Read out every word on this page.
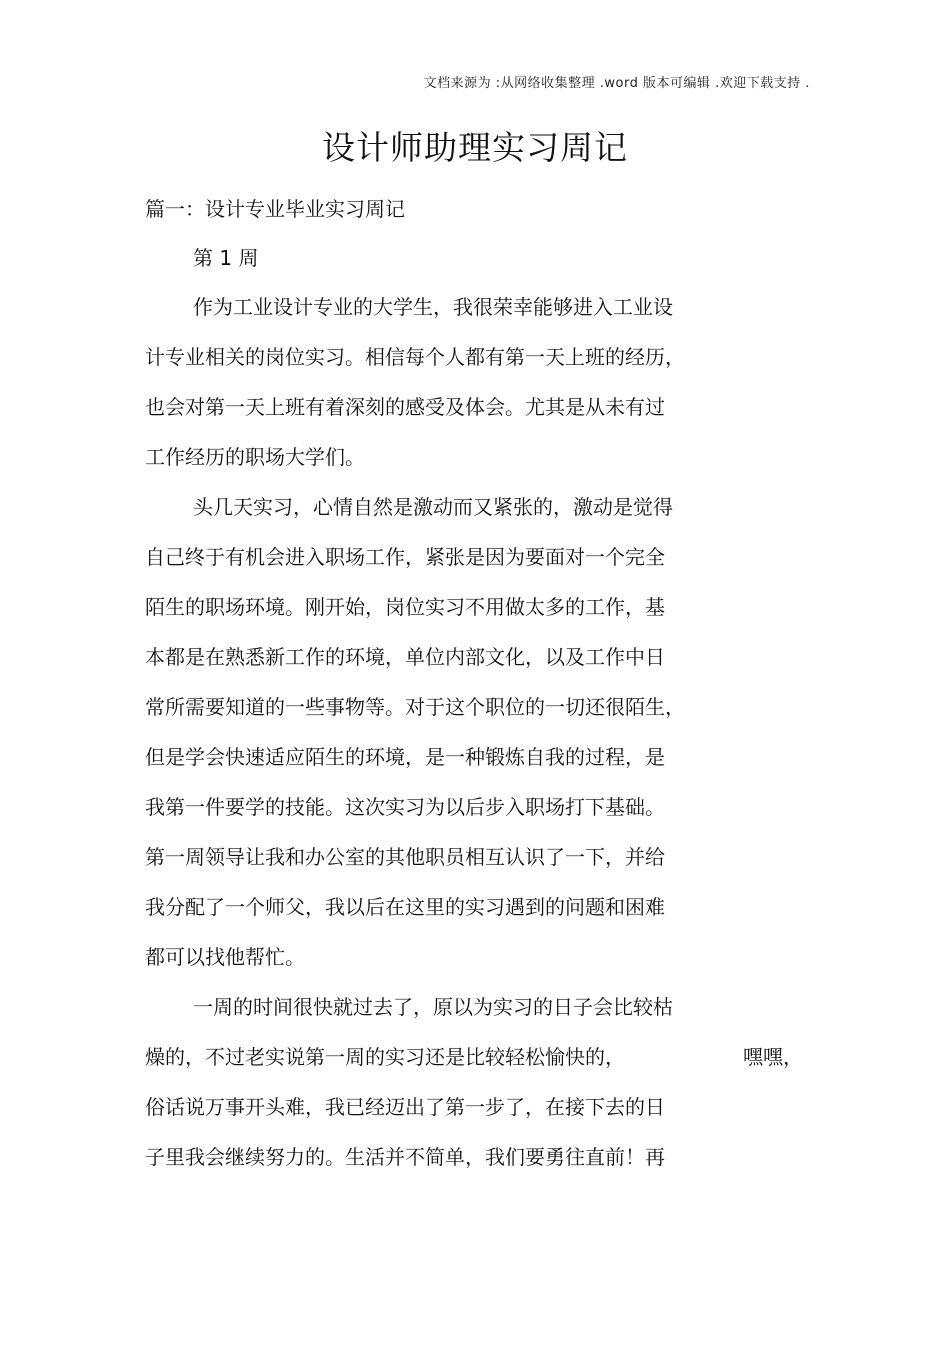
文档来源为 :从网络收集整理 .word 版本可编辑 .欢迎下载支持 .
设计师助理实习周记
篇一：设计专业毕业实习周记
第 1 周
作为工业设计专业的大学生，我很荣幸能够进入工业设
计专业相关的岗位实习。相信每个人都有第一天上班的经历，
也会对第一天上班有着深刻的感受及体会。尤其是从未有过
工作经历的职场大学们。
头几天实习，心情自然是激动而又紧张的，激动是觉得
自己终于有机会进入职场工作，紧张是因为要面对一个完全
陌生的职场环境。刚开始，岗位实习不用做太多的工作，基
本都是在熟悉新工作的环境，单位内部文化，以及工作中日
常所需要知道的一些事物等。对于这个职位的一切还很陌生，
但是学会快速适应陌生的环境，是一种锻炼自我的过程，是
我第一件要学的技能。这次实习为以后步入职场打下基础。
第一周领导让我和办公室的其他职员相互认识了一下，并给
我分配了一个师父，我以后在这里的实习遇到的问题和困难
都可以找他帮忙。
一周的时间很快就过去了，原以为实习的日子会比较枯
燥的，不过老实说第一周的实习还是比较轻松愉快的，	嘿嘿，
俗话说万事开头难，我已经迈出了第一步了，在接下去的日
子里我会继续努力的。生活并不简单，我们要勇往直前！再
